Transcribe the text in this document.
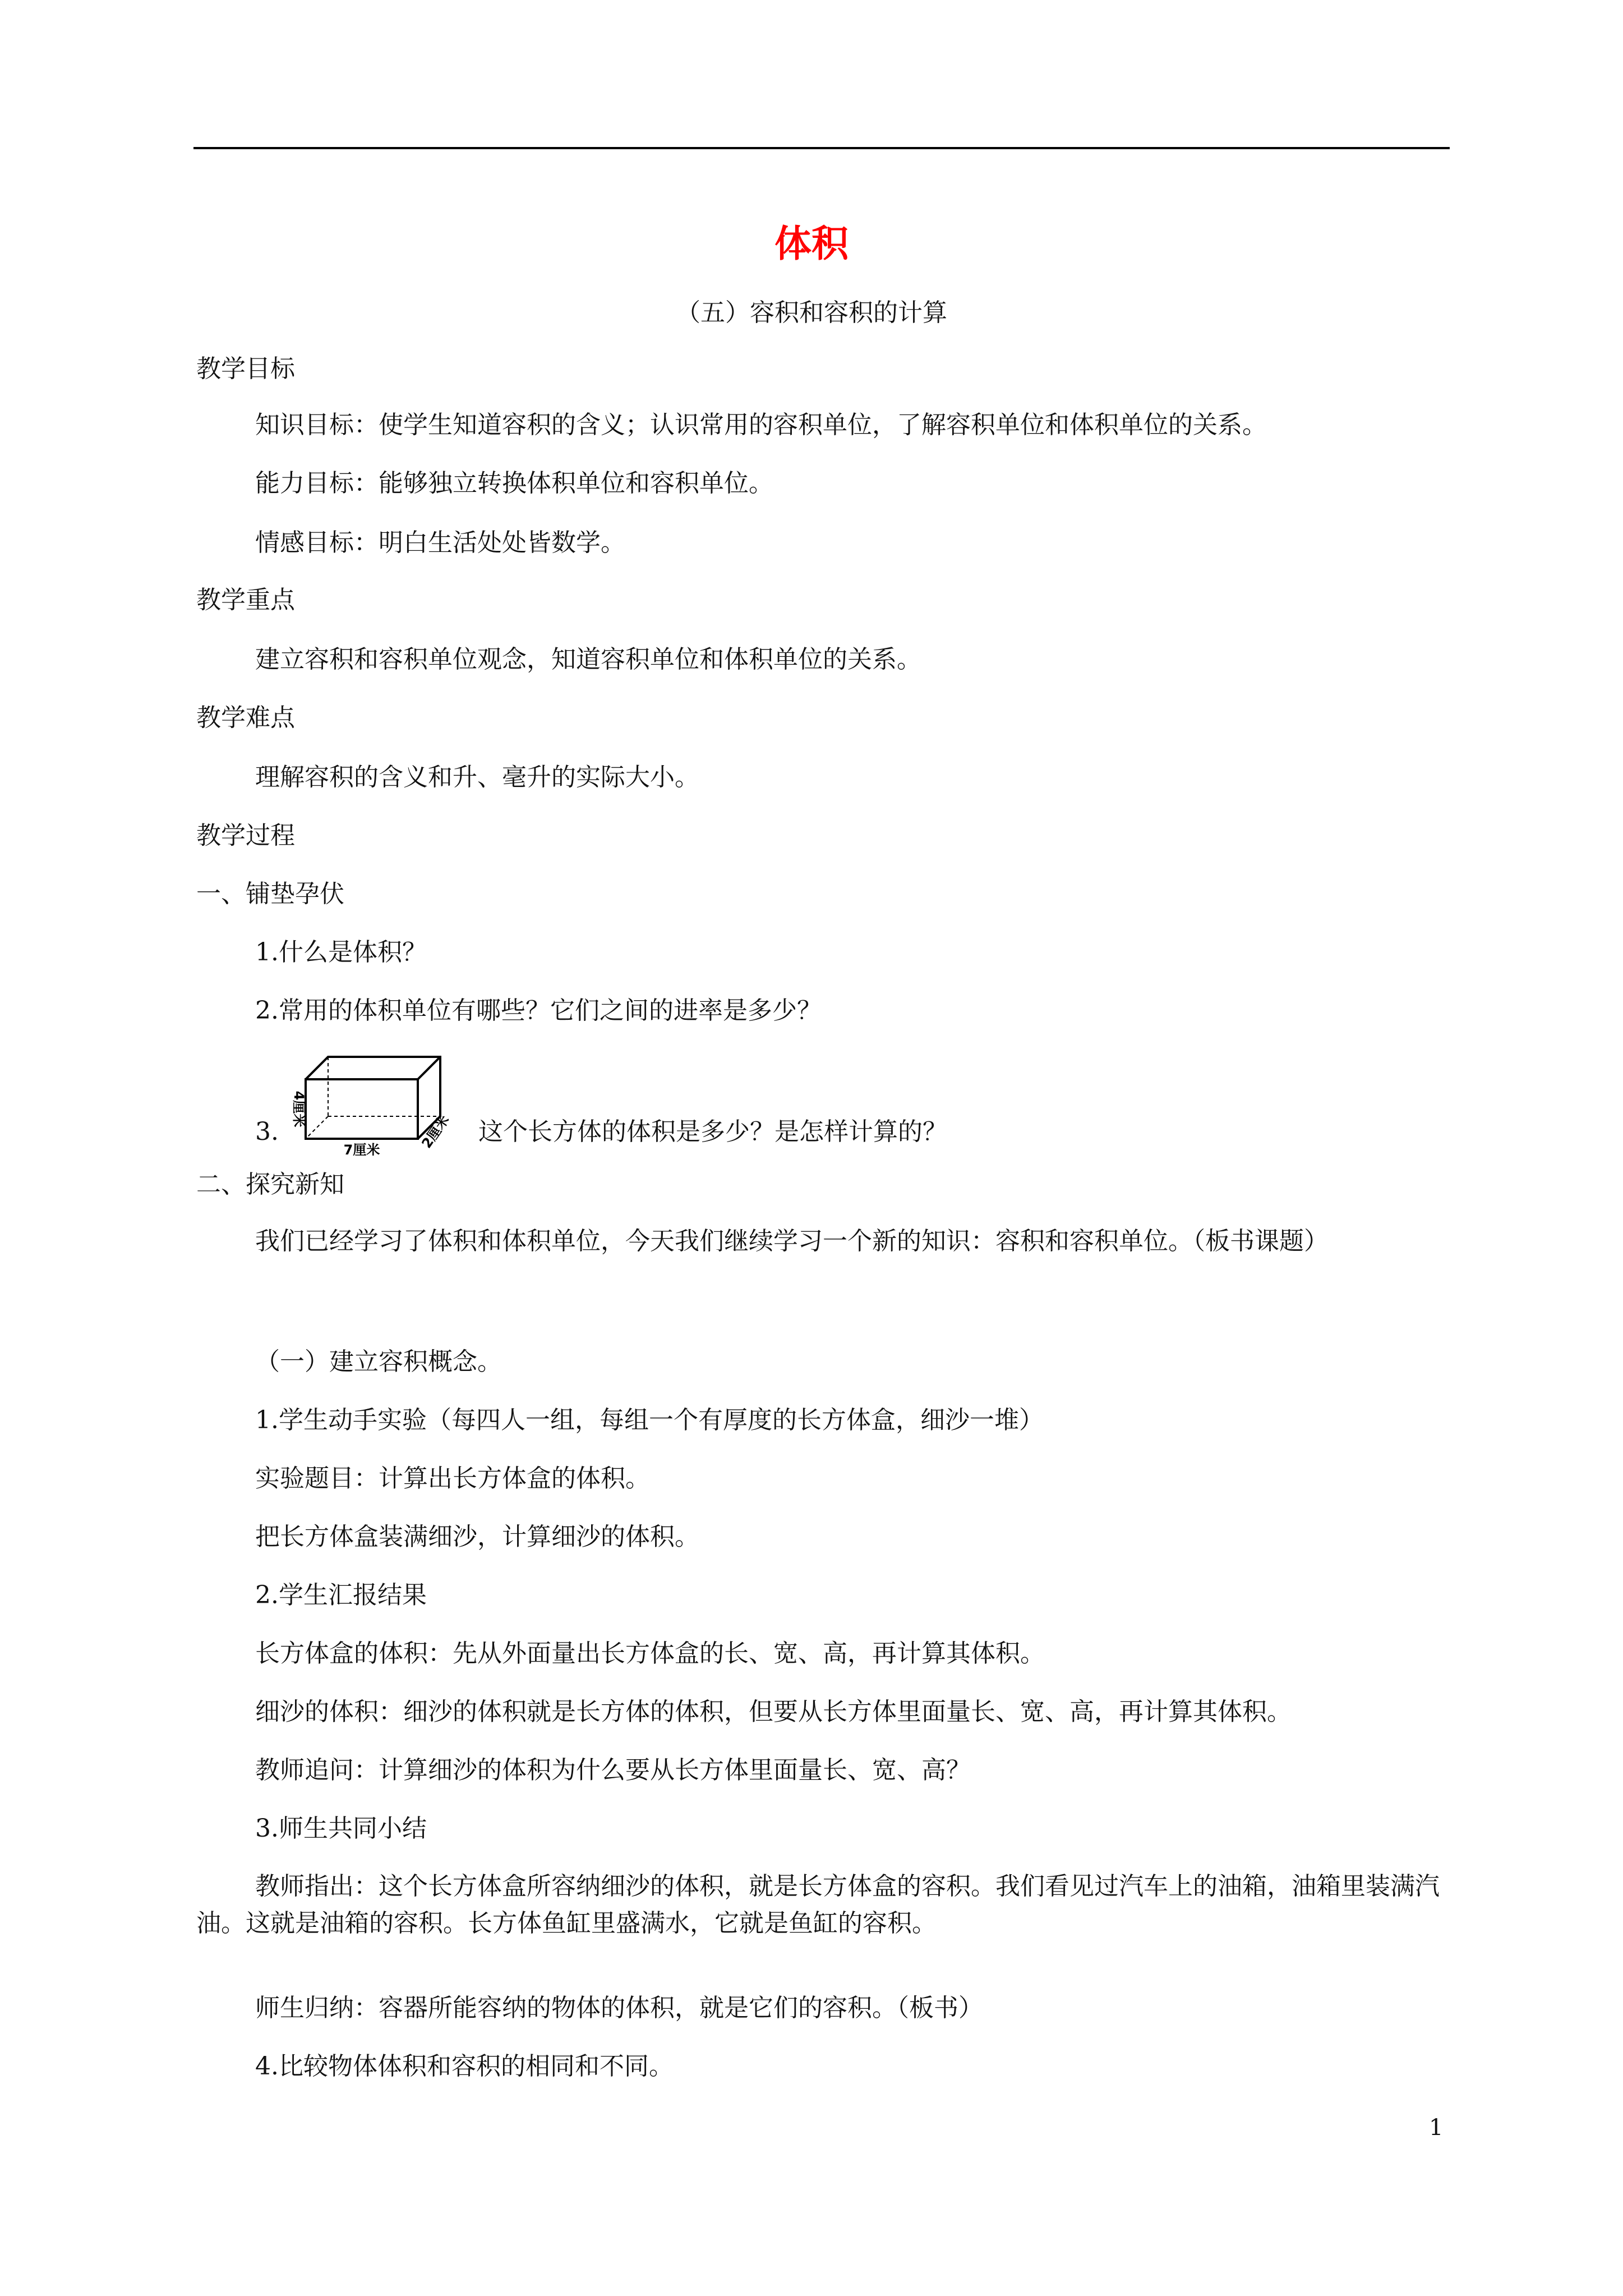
体积
（五）容积和容积的计算
教学目标
知识目标：使学生知道容积的含义；认识常用的容积单位，了解容积单位和体积单位的关系。
能力目标：能够独立转换体积单位和容积单位。
情感目标：明白生活处处皆数学。
教学重点
建立容积和容积单位观念，知道容积单位和体积单位的关系。
教学难点
理解容积的含义和升、毫升的实际大小。
教学过程
一、铺垫孕伏
1.什么是体积？
2.常用的体积单位有哪些？它们之间的进率是多少？
3.
4厘米
7厘米	2厘米 这个长方体的体积是多少？是怎样计算的？
二、探究新知
我们已经学习了体积和体积单位，今天我们继续学习一个新的知识：容积和容积单位。（板书课题）
（一）建立容积概念。
1.学生动手实验（每四人一组，每组一个有厚度的长方体盒，细沙一堆）
实验题目：计算出长方体盒的体积。
把长方体盒装满细沙，计算细沙的体积。
2.学生汇报结果
长方体盒的体积：先从外面量出长方体盒的长、宽、高，再计算其体积。
细沙的体积：细沙的体积就是长方体的体积，但要从长方体里面量长、宽、高，再计算其体积。
教师追问：计算细沙的体积为什么要从长方体里面量长、宽、高？
3.师生共同小结
教师指出：这个长方体盒所容纳细沙的体积，就是长方体盒的容积。我们看见过汽车上的油箱，油箱里装满汽油。这就是油箱的容积。长方体鱼缸里盛满水，它就是鱼缸的容积。
师生归纳：容器所能容纳的物体的体积，就是它们的容积。（板书）
4.比较物体体积和容积的相同和不同。
1
